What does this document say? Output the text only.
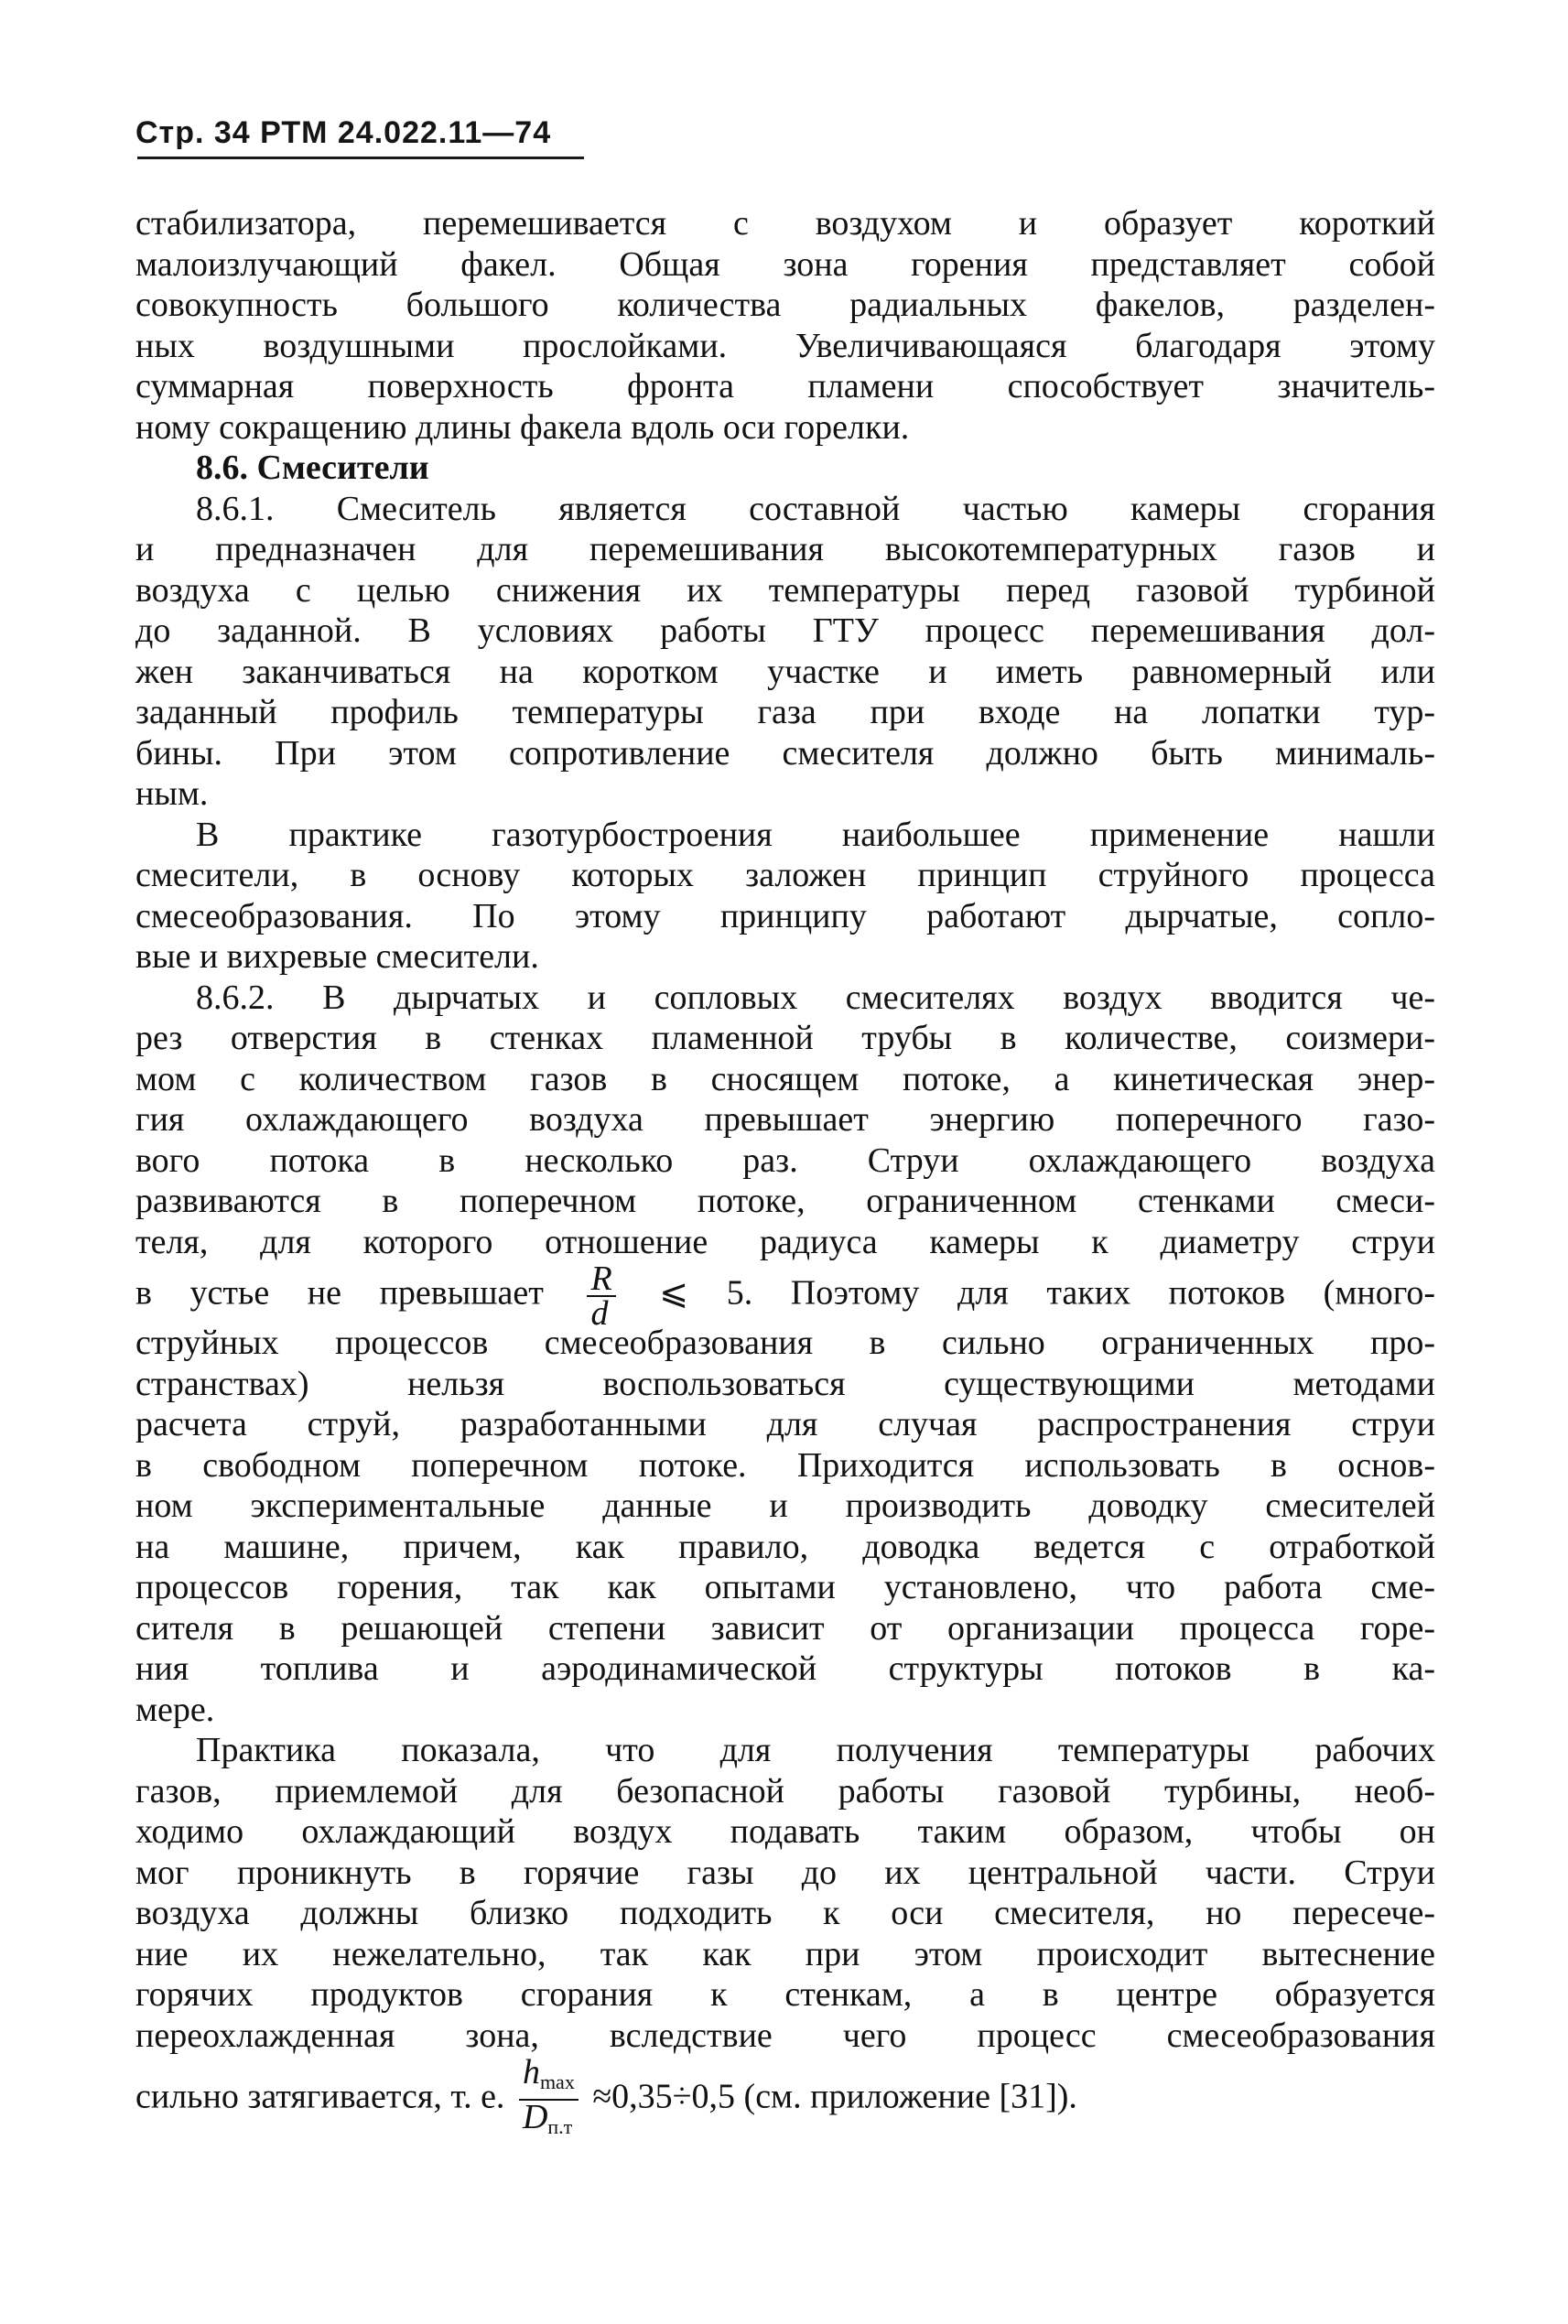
Стр. 34 РТМ 24.022.11—74
стабилизатора, перемешивается с воздухом и образует короткий
малоизлучающий факел. Общая зона горения представляет собой
совокупность большого количества радиальных факелов, разделен-
ных воздушными прослойками. Увеличивающаяся благодаря этому
суммарная поверхность фронта пламени способствует значитель-
ному сокращению длины факела вдоль оси горелки.
8.6. Смесители
8.6.1. Смеситель является составной частью камеры сгорания
и предназначен для перемешивания высокотемпературных газов и
воздуха с целью снижения их температуры перед газовой турбиной
до заданной. В условиях работы ГТУ процесс перемешивания дол-
жен заканчиваться на коротком участке и иметь равномерный или
заданный профиль температуры газа при входе на лопатки тур-
бины. При этом сопротивление смесителя должно быть минималь-
ным.
В практике газотурбостроения наибольшее применение нашли
смесители, в основу которых заложен принцип струйного процесса
смесеобразования. По этому принципу работают дырчатые, сопло-
вые и вихревые смесители.
8.6.2. В дырчатых и сопловых смесителях воздух вводится че-
рез отверстия в стенках пламенной трубы в количестве, соизмери-
мом с количеством газов в сносящем потоке, а кинетическая энер-
гия охлаждающего воздуха превышает энергию поперечного газо-
вого потока в несколько раз. Струи охлаждающего воздуха
развиваются в поперечном потоке, ограниченном стенками смеси-
теля, для которого отношение радиуса камеры к диаметру струи
в устье не превышает $\frac{R}{d}$ ⩽ 5. Поэтому для таких потоков (много-
струйных процессов смесеобразования в сильно ограниченных про-
странствах) нельзя воспользоваться существующими методами
расчета струй, разработанными для случая распространения струи
в свободном поперечном потоке. Приходится использовать в основ-
ном экспериментальные данные и производить доводку смесителей
на машине, причем, как правило, доводка ведется с отработкой
процессов горения, так как опытами установлено, что работа сме-
сителя в решающей степени зависит от организации процесса горе-
ния топлива и аэродинамической структуры потоков в ка-
мере.
Практика показала, что для получения температуры рабочих
газов, приемлемой для безопасной работы газовой турбины, необ-
ходимо охлаждающий воздух подавать таким образом, чтобы он
мог проникнуть в горячие газы до их центральной части. Струи
воздуха должны близко подходить к оси смесителя, но пересече-
ние их нежелательно, так как при этом происходит вытеснение
горячих продуктов сгорания к стенкам, а в центре образуется
переохлажденная зона, вследствие чего процесс смесеобразования
сильно затягивается, т. е. $\frac{h_{max}}{D_{п.т}} \approx 0,35\div 0,5$ (см. приложение [31]).
